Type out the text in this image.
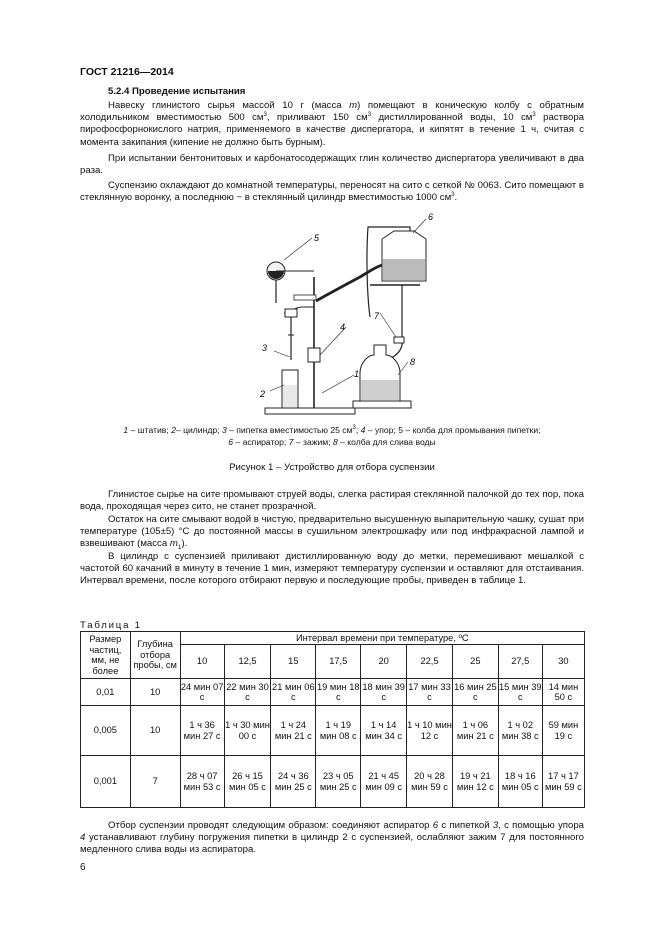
ГОСТ 21216—2014
5.2.4 Проведение испытания
Навеску глинистого сырья массой 10 г (масса m) помещают в коническую колбу с обратным холодильником вместимостью 500 $см^3$, приливают 150 $см^3$ дистиллированной воды, 10 $см^3$ раствора пирофосфорнокислого натрия, применяемого в качестве диспергатора, и кипятят в течение 1 ч, считая с момента закипания (кипение не должно быть бурным).
При испытании бентонитовых и карбонатосодержащих глин количество диспергатора увеличивают в два раза.
Суспензию охлаждают до комнатной температуры, переносят на сито с сеткой № 0063. Сито помещают в стеклянную воронку, а последнюю − в стеклянный цилиндр вместимостью 1000 $см^3$.
5
6
7
4
3
2
1
8
1 – штатив; 2– цилиндр; 3 – пипетка вместимостью 25 $см^3$; 4 – упор; 5 – колба для промывания пипетки;
6 – аспиратор; 7 – зажим; 8 – колба для слива воды
Рисунок 1 – Устройство для отбора суспензии
Глинистое сырье на сите промывают струей воды, слегка растирая стеклянной палочкой до тех пор, пока вода, проходящая через сито, не станет прозрачной.
Остаток на сите смывают водой в чистую, предварительно высушенную выпарительную чашку, сушат при температуре (105±5) °С до постоянной массы в сушильном электрошкафу или под инфракрасной лампой и взвешивают (масса $m_1$).
В цилиндр с суспензией приливают дистиллированную воду до метки, перемешивают мешалкой с частотой 60 качаний в минуту в течение 1 мин, измеряют температуру суспензии и оставляют для отстаивания. Интервал времени, после которого отбирают первую и последующие пробы, приведен в таблице 1.
Таблица 1
Размер частиц, мм, не более	Глубина отбора пробы, см	Интервал времени при температуре, ºС								
		10	12,5	15	17,5	20	22,5	25	27,5	30
0,01	10	24 мин 07 с	22 мин 30 с	21 мин 06 с	19 мин 18 с	18 мин 39 с	17 мин 33 с	16 мин 25 с	15 мин 39 с	14 мин 50 с
0,005	10	1 ч 36 мин 27 с	1 ч 30 мин 00 с	1 ч 24 мин 21 с	1 ч 19 мин 08 с	1 ч 14 мин 34 с	1 ч 10 мин 12 с	1 ч 06 мин 21 с	1 ч 02 мин 38 с	59 мин 19 с
0,001	7	28 ч 07 мин 53 с	26 ч 15 мин 05 с	24 ч 36 мин 25 с	23 ч 05 мин 25 с	21 ч 45 мин 09 с	20 ч 28 мин 59 с	19 ч 21 мин 12 с	18 ч 16 мин 05 с	17 ч 17 мин 59 с
Отбор суспензии проводят следующим образом: соединяют аспиратор 6 с пипеткой 3, с помощью упора 4 устанавливают глубину погружения пипетки в цилиндр 2 с суспензией, ослабляют зажим 7 для постоянного медленного слива воды из аспиратора.
6
